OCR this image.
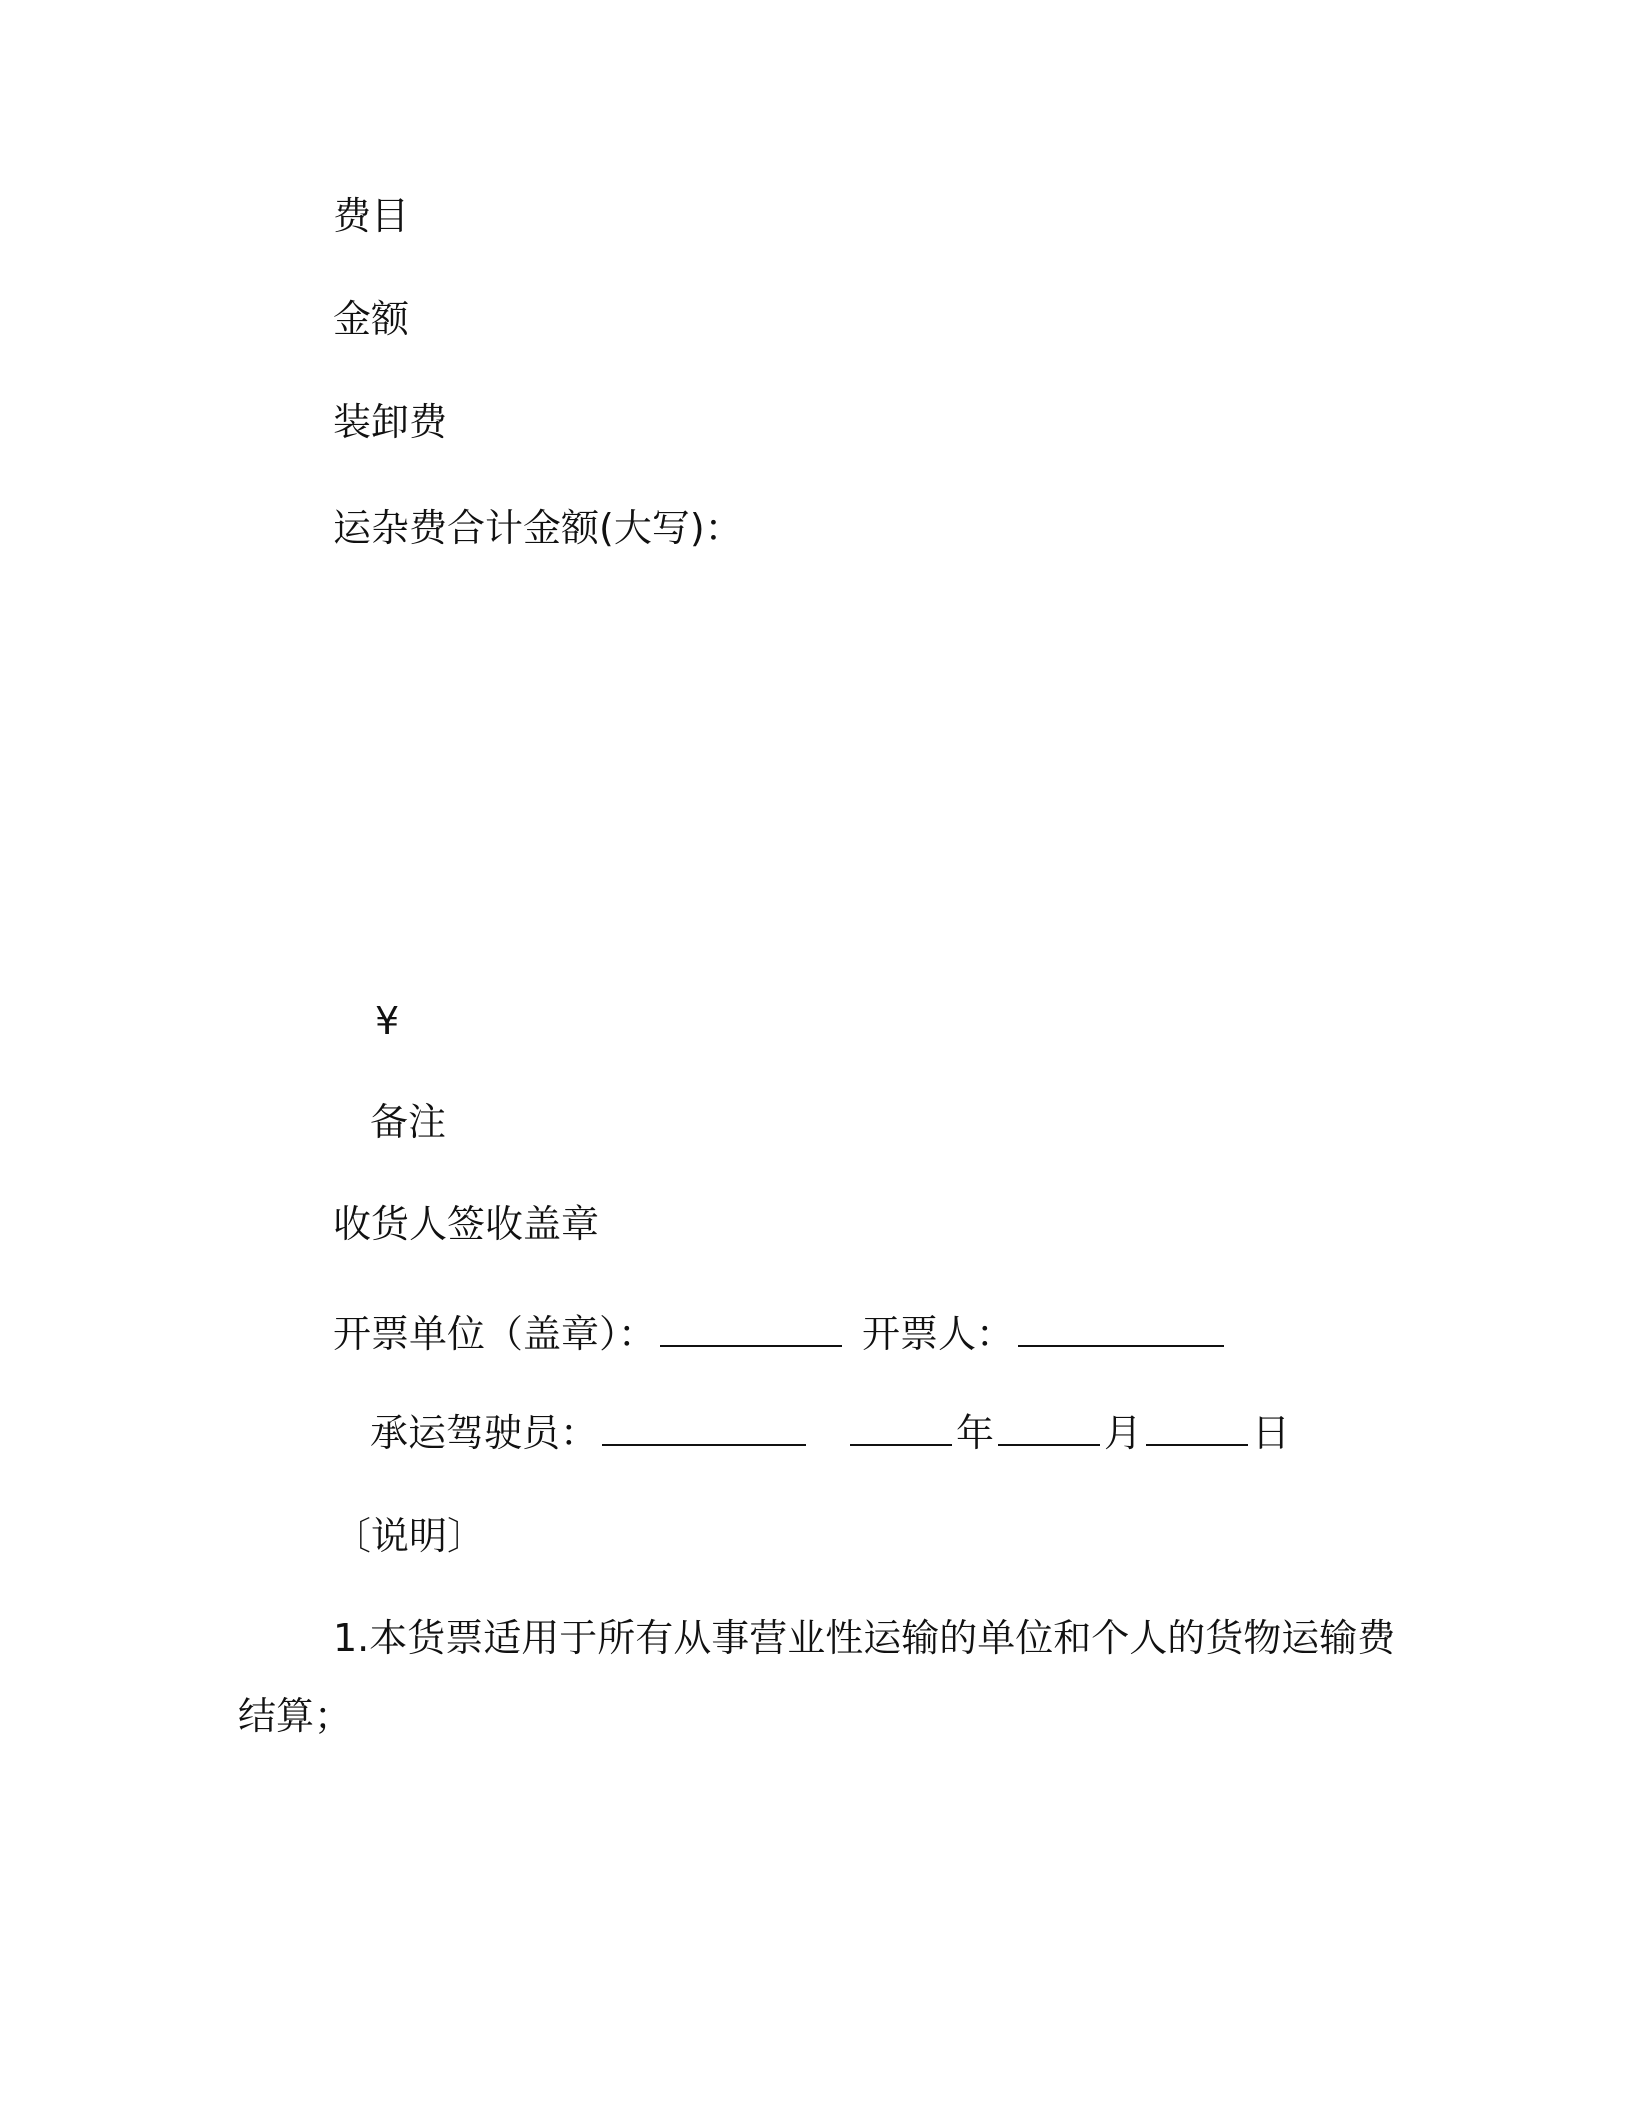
费目
金额
装卸费
运杂费合计金额(大写)：
¥
备注
收货人签收盖章
开票单位（盖章）：	开票人：
承运驾驶员：	年	月	日
〔说明〕
1.本货票适用于所有从事营业性运输的单位和个人的货物运输费
结算；
